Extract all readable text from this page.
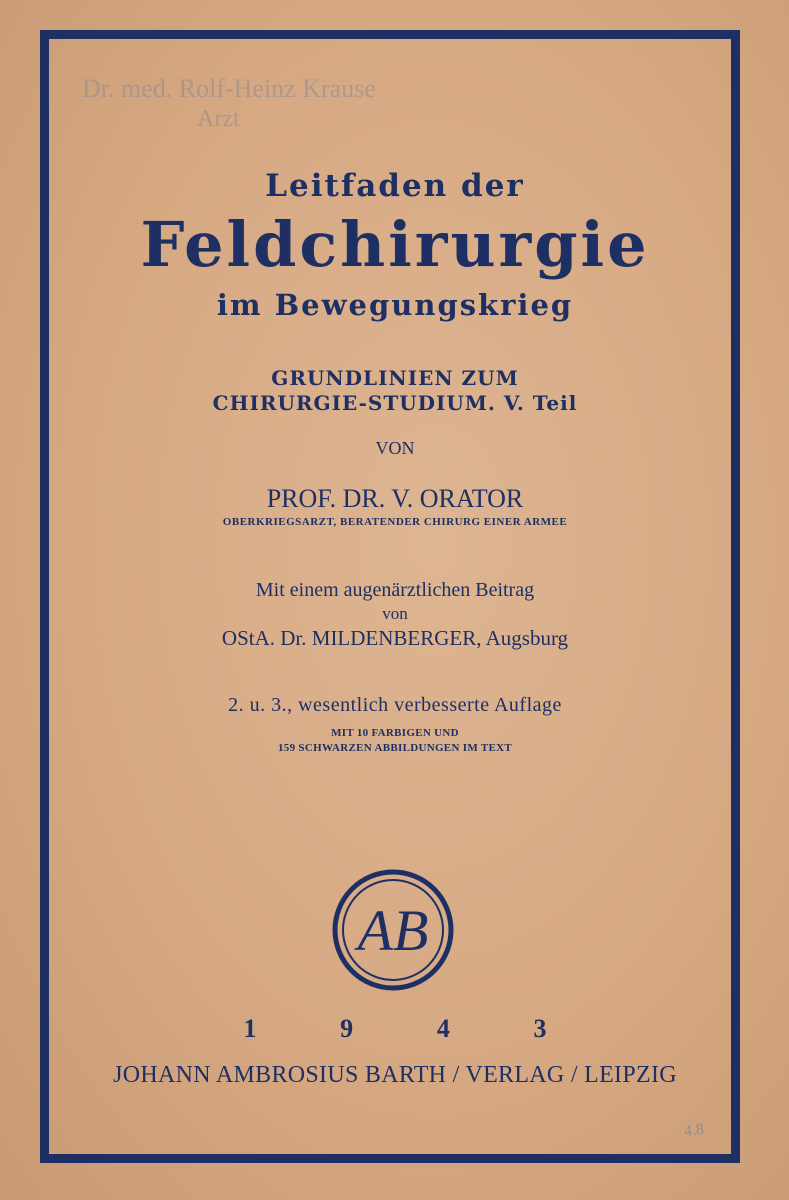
Dr. med. Rolf-Heinz Krause
Arzt
Leitfaden der
Feldchirurgie
im Bewegungskrieg
GRUNDLINIEN ZUM
CHIRURGIE-STUDIUM. V. Teil
VON
PROF. DR. V. ORATOR
OBERKRIEGSARZT, BERATENDER CHIRURG EINER ARMEE
Mit einem augenärztlichen Beitrag
von
OStA. Dr. MILDENBERGER, Augsburg
2. u. 3., wesentlich verbesserte Auflage
MIT 10 FARBIGEN UND
159 SCHWARZEN ABBILDUNGEN IM TEXT
AB
1	9	4	3
JOHANN AMBROSIUS BARTH / VERLAG / LEIPZIG
4.8
